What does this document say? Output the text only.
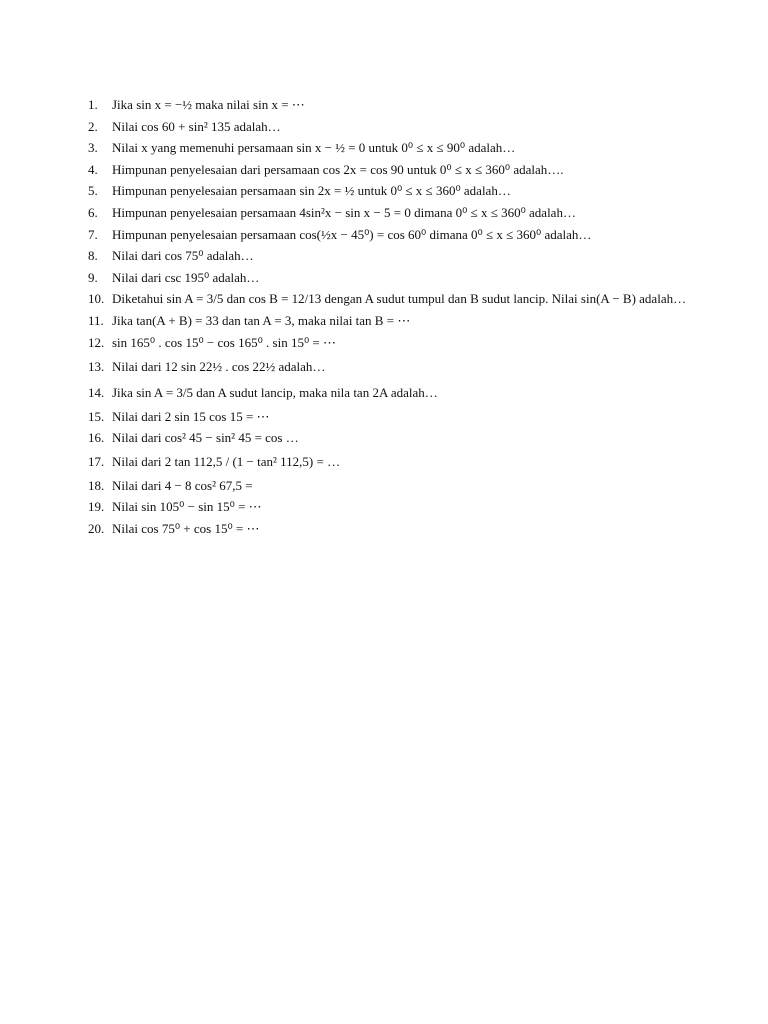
1.	Jika sin x = −½ maka nilai sin x = ⋯
2.	Nilai cos 60 + sin² 135 adalah…
3.	Nilai x yang memenuhi persamaan sin x − ½ = 0 untuk 0⁰ ≤ x ≤ 90⁰ adalah…
4.	Himpunan penyelesaian dari persamaan cos 2x = cos 90 untuk 0⁰ ≤ x ≤ 360⁰ adalah….
5.	Himpunan penyelesaian persamaan sin 2x = ½ untuk 0⁰ ≤ x ≤ 360⁰ adalah…
6.	Himpunan penyelesaian persamaan 4sin²x − sin x − 5 = 0 dimana 0⁰ ≤ x ≤ 360⁰ adalah…
7.	Himpunan penyelesaian persamaan cos(½x − 45⁰) = cos 60⁰ dimana 0⁰ ≤ x ≤ 360⁰ adalah…
8.	Nilai dari cos 75⁰ adalah…
9.	Nilai dari csc 195⁰ adalah…
10. Diketahui sin A = 3/5 dan cos B = 12/13 dengan A sudut tumpul dan B sudut lancip. Nilai sin(A − B) adalah…
11. Jika tan(A + B) = 33 dan tan A = 3, maka nilai tan B = ⋯
12. sin 165⁰ . cos 15⁰ − cos 165⁰ . sin 15⁰ = ⋯
13. Nilai dari 12 sin 22½ . cos 22½ adalah…
14. Jika sin A = 3/5 dan A sudut lancip, maka nila tan 2A adalah…
15. Nilai dari 2 sin 15 cos 15 = ⋯
16. Nilai dari cos² 45 − sin² 45 = cos …
17. Nilai dari 2 tan 112,5 / (1 − tan² 112,5) = …
18. Nilai dari 4 − 8 cos² 67,5 =
19. Nilai sin 105⁰ − sin 15⁰ = ⋯
20. Nilai cos 75⁰ + cos 15⁰ = ⋯
